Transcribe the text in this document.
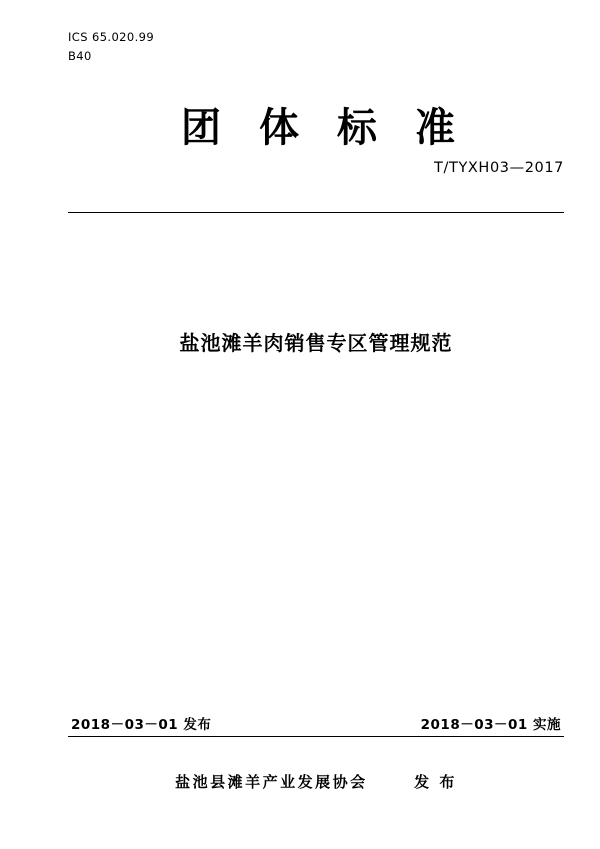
ICS 65.020.99
B40
团体标准
T/TYXH03—2017
盐池滩羊肉销售专区管理规范
2018－03－01 发布	2018－03－01 实施
盐池县滩羊产业发展协会	发 布
